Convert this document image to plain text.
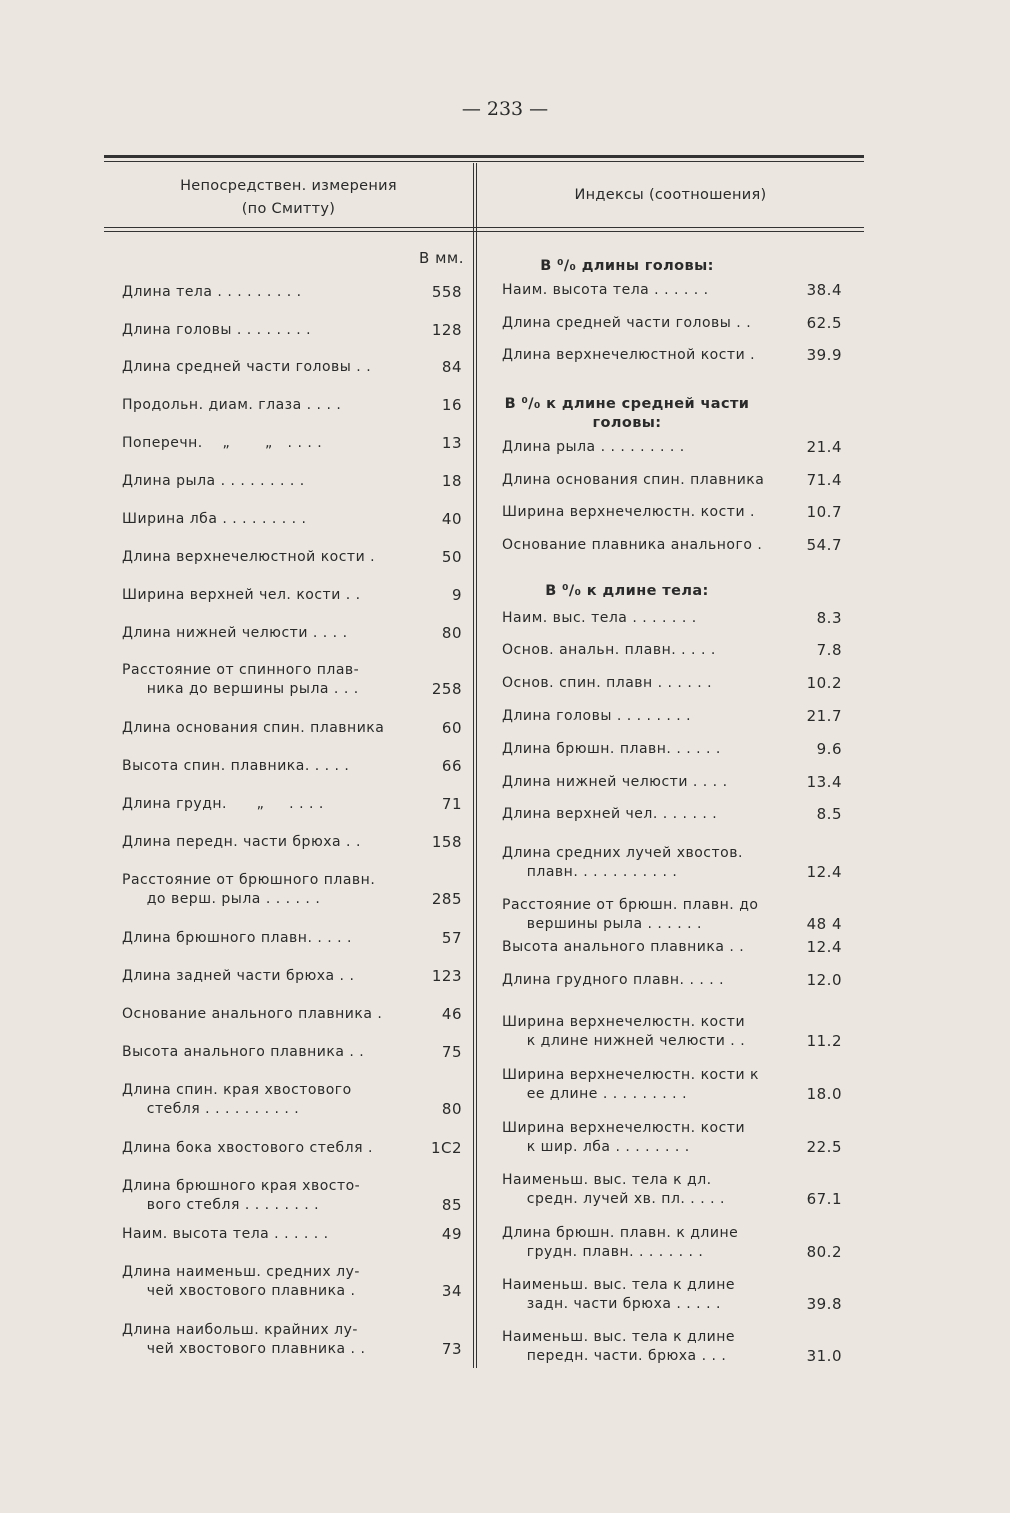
— 233 —
Непосредствен. измерения
(по Смитту)
Индексы (соотношения)
В мм.
Длина тела . . . . . . . . .	558
Длина головы . . . . . . . .	128
Длина средней части головы . .	84
Продольн. диам. глаза . . . .	16
Поперечн.    „       „   . . . .	13
Длина рыла . . . . . . . . .	18
Ширина лба . . . . . . . . .	40
Длина верхнечелюстной кости .	50
Ширина верхней чел. кости . .	9
Длина нижней челюсти . . . .	80
Расстояние от спинного плав-
ника до вершины рыла . . .	258
Длина основания спин. плавника	60
Высота спин. плавника. . . . .	66
Длина грудн.      „     . . . .	71
Длина передн. части брюха . .	158
Расстояние от брюшного плавн.
до верш. рыла . . . . . .	285
Длина брюшного плавн. . . . .	57
Длина задней части брюха . .	123
Основание анального плавника .	46
Высота анального плавника . .	75
Длина спин. края хвостового
стебля . . . . . . . . . .	80
Длина бока хвостового стебля .	1С2
Длина брюшного края хвосто-
вого стебля . . . . . . . .	85
Наим. высота тела . . . . . .	49
Длина наименьш. средних лу-
чей хвостового плавника .	34
Длина наибольш. крайних лу-
чей хвостового плавника . .	73
Наим. высота тела . . . . . .	38.4
Длина средней части головы . .	62.5
Длина верхнечелюстной кости .	39.9
Длина рыла . . . . . . . . .	21.4
Длина основания спин. плавника	71.4
Ширина верхнечелюстн. кости .	10.7
Основание плавника анального .	54.7
Наим. выс. тела . . . . . . .	8.3
Основ. анальн. плавн. . . . .	7.8
Основ. спин. плавн . . . . . .	10.2
Длина головы . . . . . . . .	21.7
Длина брюшн. плавн. . . . . .	9.6
Длина нижней челюсти . . . .	13.4
Длина верхней чел. . . . . . .	8.5
Длина средних лучей хвостов.
плавн. . . . . . . . . . .	12.4
Расстояние от брюшн. плавн. до
вершины рыла . . . . . .	48 4
Высота анального плавника . .	12.4
Длина грудного плавн. . . . .	12.0
Ширина верхнечелюстн. кости
к длине нижней челюсти . .	11.2
Ширина верхнечелюстн. кости к
ее длине . . . . . . . . .	18.0
Ширина верхнечелюстн. кости
к шир. лба . . . . . . . .	22.5
Наименьш. выс. тела к дл.
средн. лучей хв. пл. . . . .	67.1
Длина брюшн. плавн. к длине
грудн. плавн. . . . . . . .	80.2
Наименьш. выс. тела к длине
задн. части брюха . . . . .	39.8
Наименьш. выс. тела к длине
передн. части. брюха . . .	31.0
В ⁰/₀ длины головы:
В ⁰/₀ к длине средней части
головы:
В ⁰/₀ к длине тела:
